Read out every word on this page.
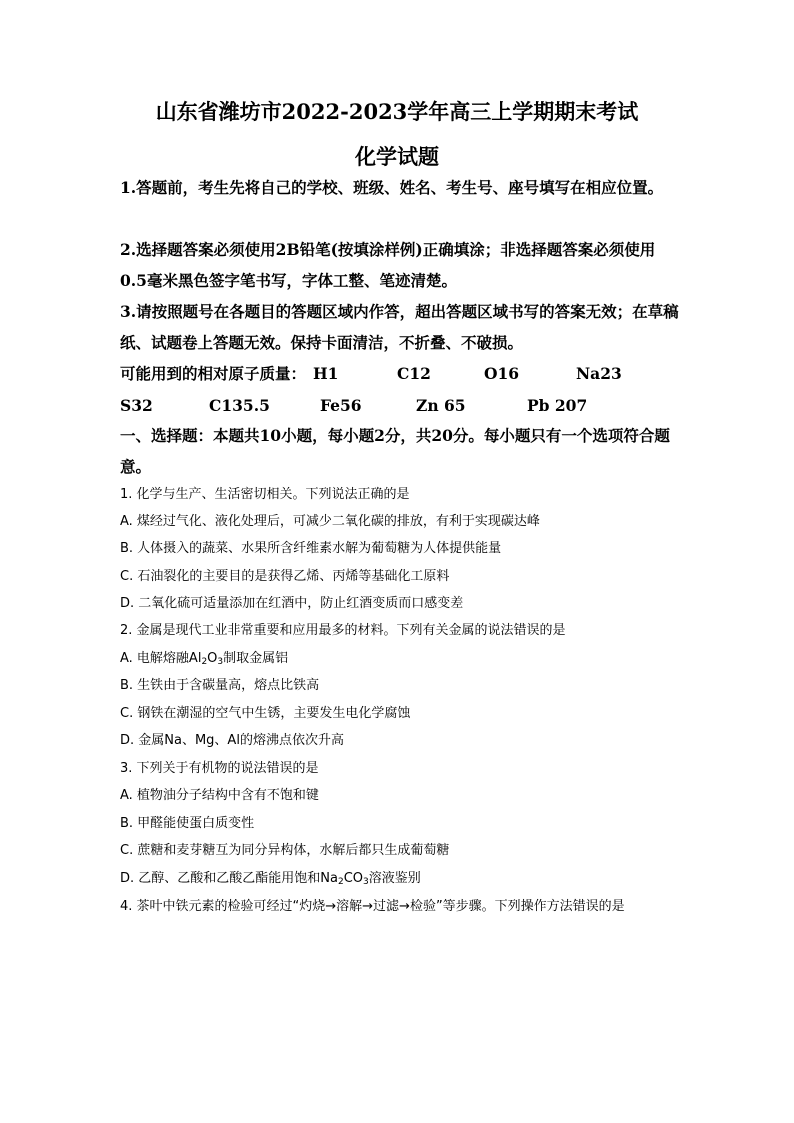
山东省潍坊市2022-2023学年高三上学期期末考试
化学试题
1.答题前，考生先将自己的学校、班级、姓名、考生号、座号填写在相应位置。
2.选择题答案必须使用2B铅笔(按填涂样例)正确填涂；非选择题答案必须使用0.5毫米黑色签字笔书写，字体工整、笔迹清楚。
3.请按照题号在各题目的答题区域内作答，超出答题区域书写的答案无效；在草稿纸、试题卷上答题无效。保持卡面清洁，不折叠、不破损。
可能用到的相对原子质量： H1	C12	O16	Na23
S32	C135.5	Fe56	Zn 65	Pb 207
一、选择题：本题共10小题，每小题2分，共20分。每小题只有一个选项符合题意。
1. 化学与生产、生活密切相关。下列说法正确的是
A. 煤经过气化、液化处理后，可减少二氧化碳的排放，有利于实现碳达峰
B. 人体摄入的蔬菜、水果所含纤维素水解为葡萄糖为人体提供能量
C. 石油裂化的主要目的是获得乙烯、丙烯等基础化工原料
D. 二氧化硫可适量添加在红酒中，防止红酒变质而口感变差
2. 金属是现代工业非常重要和应用最多的材料。下列有关金属的说法错误的是
A. 电解熔融$Al_2O_3$制取金属铝
B. 生铁由于含碳量高，熔点比铁高
C. 钢铁在潮湿的空气中生锈，主要发生电化学腐蚀
D. 金属Na、Mg、Al的熔沸点依次升高
3. 下列关于有机物的说法错误的是
A. 植物油分子结构中含有不饱和键
B. 甲醛能使蛋白质变性
C. 蔗糖和麦芽糖互为同分异构体，水解后都只生成葡萄糖
D. 乙醇、乙酸和乙酸乙酯能用饱和$Na_2CO_3$溶液鉴别
4. 茶叶中铁元素的检验可经过“灼烧→溶解→过滤→检验”等步骤。下列操作方法错误的是
